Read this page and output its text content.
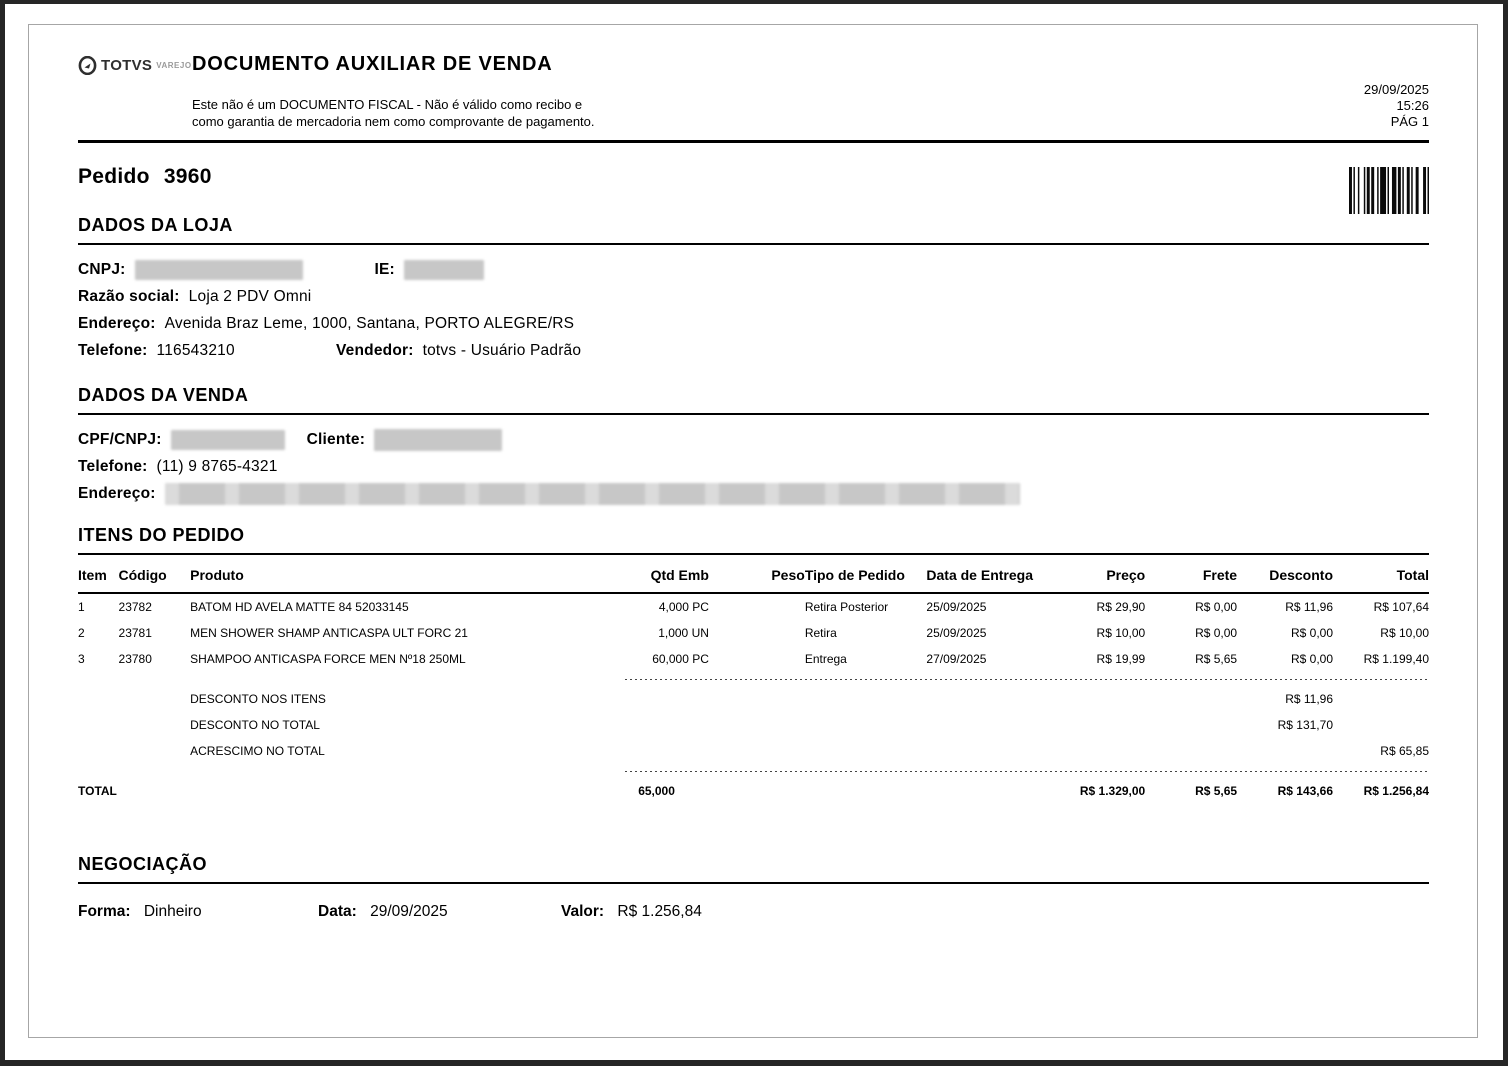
TOTVS VAREJO DOCUMENTO AUXILIAR DE VENDA
Este não é um DOCUMENTO FISCAL - Não é válido como recibo e
como garantia de mercadoria nem como comprovante de pagamento.
29/09/2025
15:26
PÁG 1
Pedido 3960
DADOS DA LOJA
CNPJ:	IE:
Razão social: Loja 2 PDV Omni
Endereço: Avenida Braz Leme, 1000, Santana, PORTO ALEGRE/RS
Telefone: 116543210	Vendedor: totvs - Usuário Padrão
DADOS DA VENDA
CPF/CNPJ:	Cliente:
Telefone: (11) 9 8765-4321
Endereço:
ITENS DO PEDIDO
Item	Código	Produto	Qtd Emb	Peso	Tipo de Pedido	Data de Entrega	Preço	Frete	Desconto	Total
1	23782	BATOM HD AVELA MATTE 84 52033145	4,000 PC		Retira Posterior	25/09/2025	R$ 29,90	R$ 0,00	R$ 11,96	R$ 107,64
2	23781	MEN SHOWER SHAMP ANTICASPA ULT FORC 21	1,000 UN		Retira	25/09/2025	R$ 10,00	R$ 0,00	R$ 0,00	R$ 10,00
3	23780	SHAMPOO ANTICASPA FORCE MEN Nº18 250ML	60,000 PC		Entrega	27/09/2025	R$ 19,99	R$ 5,65	R$ 0,00	R$ 1.199,40

		DESCONTO NOS ITENS							R$ 11,96	
		DESCONTO NO TOTAL							R$ 131,70	
		ACRESCIMO NO TOTAL								R$ 65,85

TOTAL			65,000				R$ 1.329,00	R$ 5,65	R$ 143,66	R$ 1.256,84
NEGOCIAÇÃO
Forma: Dinheiro	Data: 29/09/2025	Valor: R$ 1.256,84
